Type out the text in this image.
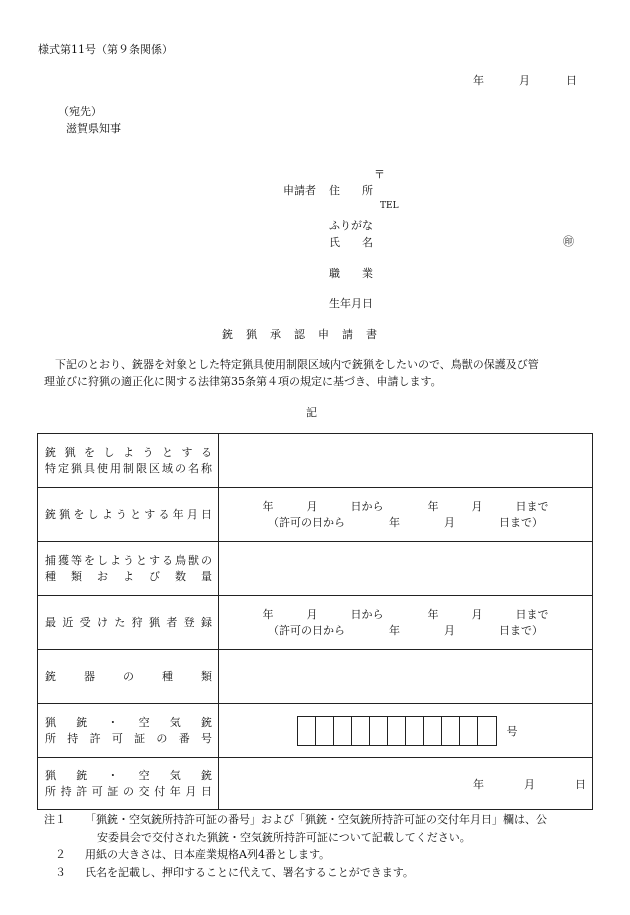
様式第11号（第９条関係）
年	月	日
（宛先）
滋賀県知事
〒
申請者 住　　所
TEL
ふりがな
氏　　名	㊞
職　　業
生年月日
銃　猟　承　認　申　請　書
　下記のとおり、銃器を対象とした特定猟具使用制限区域内で銃猟をしたいので、鳥獣の保護及び管
理並びに狩猟の適正化に関する法律第35条第４項の規定に基づき、申請します。
記
銃猟をしようとする
特定猟具使用制限区域の名称	

銃猟をしようとする年月日	年　　　月　　　日から　　　　年　　　月　　　日まで
（許可の日から　　　　年　　　　月　　　　日まで）

捕獲等をしようとする鳥獣の
種類および数量	

最近受けた狩猟者登録	年　　　月　　　日から　　　　年　　　月　　　日まで
（許可の日から　　　　年　　　　月　　　　日まで）

銃器の種類	

猟銃・空気銃
所持許可証の番号	号

猟銃・空気銃
所持許可証の交付年月日	年 月 日
注１	「猟銃・空気銃所持許可証の番号」および「猟銃・空気銃所持許可証の交付年月日」欄は、公
安委員会で交付された猟銃・空気銃所持許可証について記載してください。
　２	用紙の大きさは、日本産業規格A列4番とします。
　３	氏名を記載し、押印することに代えて、署名することができます。
